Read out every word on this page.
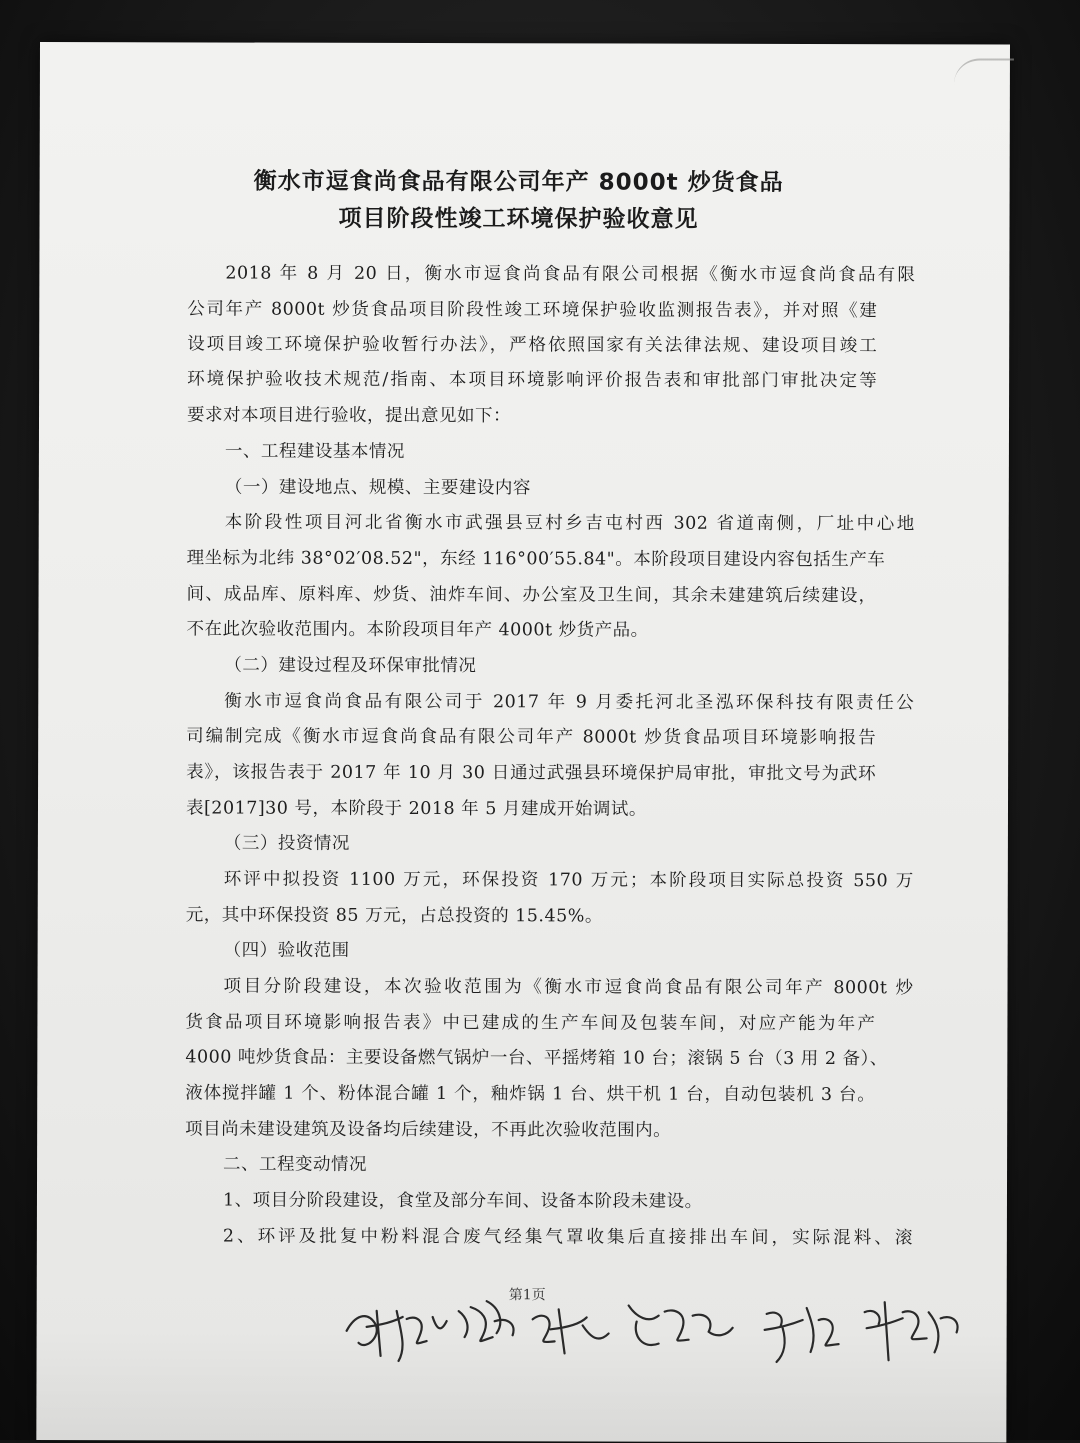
衡水市逗食尚食品有限公司年产 8000t 炒货食品
项目阶段性竣工环境保护验收意见
2018 年 8 月 20 日，衡水市逗食尚食品有限公司根据《衡水市逗食尚食品有限
公司年产 8000t 炒货食品项目阶段性竣工环境保护验收监测报告表》，并对照《建
设项目竣工环境保护验收暂行办法》，严格依照国家有关法律法规、建设项目竣工
环境保护验收技术规范/指南、本项目环境影响评价报告表和审批部门审批决定等
要求对本项目进行验收，提出意见如下：
一、工程建设基本情况
（一）建设地点、规模、主要建设内容
本阶段性项目河北省衡水市武强县豆村乡吉屯村西 302 省道南侧，厂址中心地
理坐标为北纬 38°02′08.52"，东经 116°00′55.84"。本阶段项目建设内容包括生产车
间、成品库、原料库、炒货、油炸车间、办公室及卫生间，其余未建建筑后续建设，
不在此次验收范围内。本阶段项目年产 4000t 炒货产品。
（二）建设过程及环保审批情况
衡水市逗食尚食品有限公司于 2017 年 9 月委托河北圣泓环保科技有限责任公
司编制完成《衡水市逗食尚食品有限公司年产 8000t 炒货食品项目环境影响报告
表》，该报告表于 2017 年 10 月 30 日通过武强县环境保护局审批，审批文号为武环
表[2017]30 号，本阶段于 2018 年 5 月建成开始调试。
（三）投资情况
环评中拟投资 1100 万元，环保投资 170 万元；本阶段项目实际总投资 550 万
元，其中环保投资 85 万元，占总投资的 15.45%。
（四）验收范围
项目分阶段建设，本次验收范围为《衡水市逗食尚食品有限公司年产 8000t 炒
货食品项目环境影响报告表》中已建成的生产车间及包装车间，对应产能为年产
4000 吨炒货食品：主要设备燃气锅炉一台、平摇烤箱 10 台；滚锅 5 台（3 用 2 备）、
液体搅拌罐 1 个、粉体混合罐 1 个，釉炸锅 1 台、烘干机 1 台，自动包装机 3 台。
项目尚未建设建筑及设备均后续建设，不再此次验收范围内。
二、工程变动情况
1、项目分阶段建设，食堂及部分车间、设备本阶段未建设。
2、环评及批复中粉料混合废气经集气罩收集后直接排出车间，实际混料、滚
第1页
